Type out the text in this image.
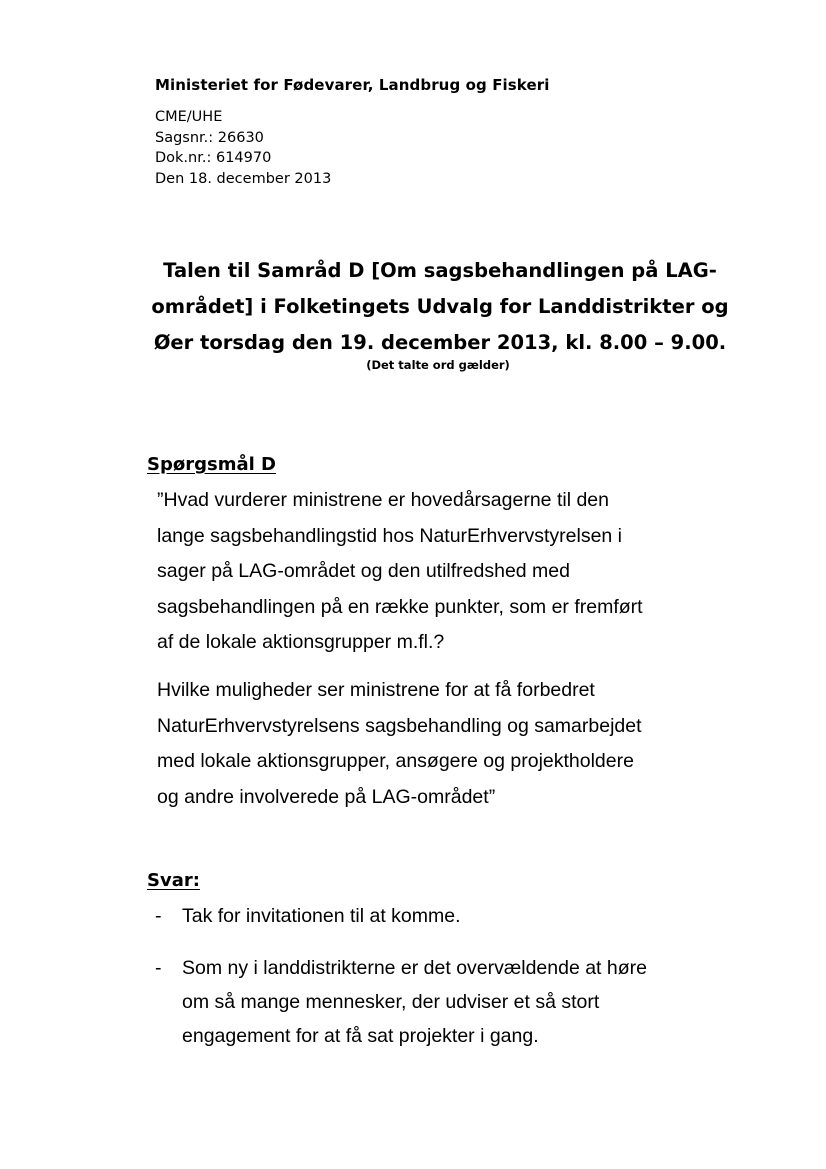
Ministeriet for Fødevarer, Landbrug og Fiskeri
CME/UHE
Sagsnr.: 26630
Dok.nr.: 614970
Den 18. december 2013
Talen til Samråd D [Om sagsbehandlingen på LAG-
området] i Folketingets Udvalg for Landdistrikter og
Øer torsdag den 19. december 2013, kl. 8.00 – 9.00.
(Det talte ord gælder)
Spørgsmål D
”Hvad vurderer ministrene er hovedårsagerne til den
lange sagsbehandlingstid hos NaturErhvervstyrelsen i
sager på LAG-området og den utilfredshed med
sagsbehandlingen på en række punkter, som er fremført
af de lokale aktionsgrupper m.fl.?
Hvilke muligheder ser ministrene for at få forbedret
NaturErhvervstyrelsens sagsbehandling og samarbejdet
med lokale aktionsgrupper, ansøgere og projektholdere
og andre involverede på LAG-området”
Svar:
- Tak for invitationen til at komme.
- Som ny i landdistrikterne er det overvældende at høre
om så mange mennesker, der udviser et så stort
engagement for at få sat projekter i gang.
